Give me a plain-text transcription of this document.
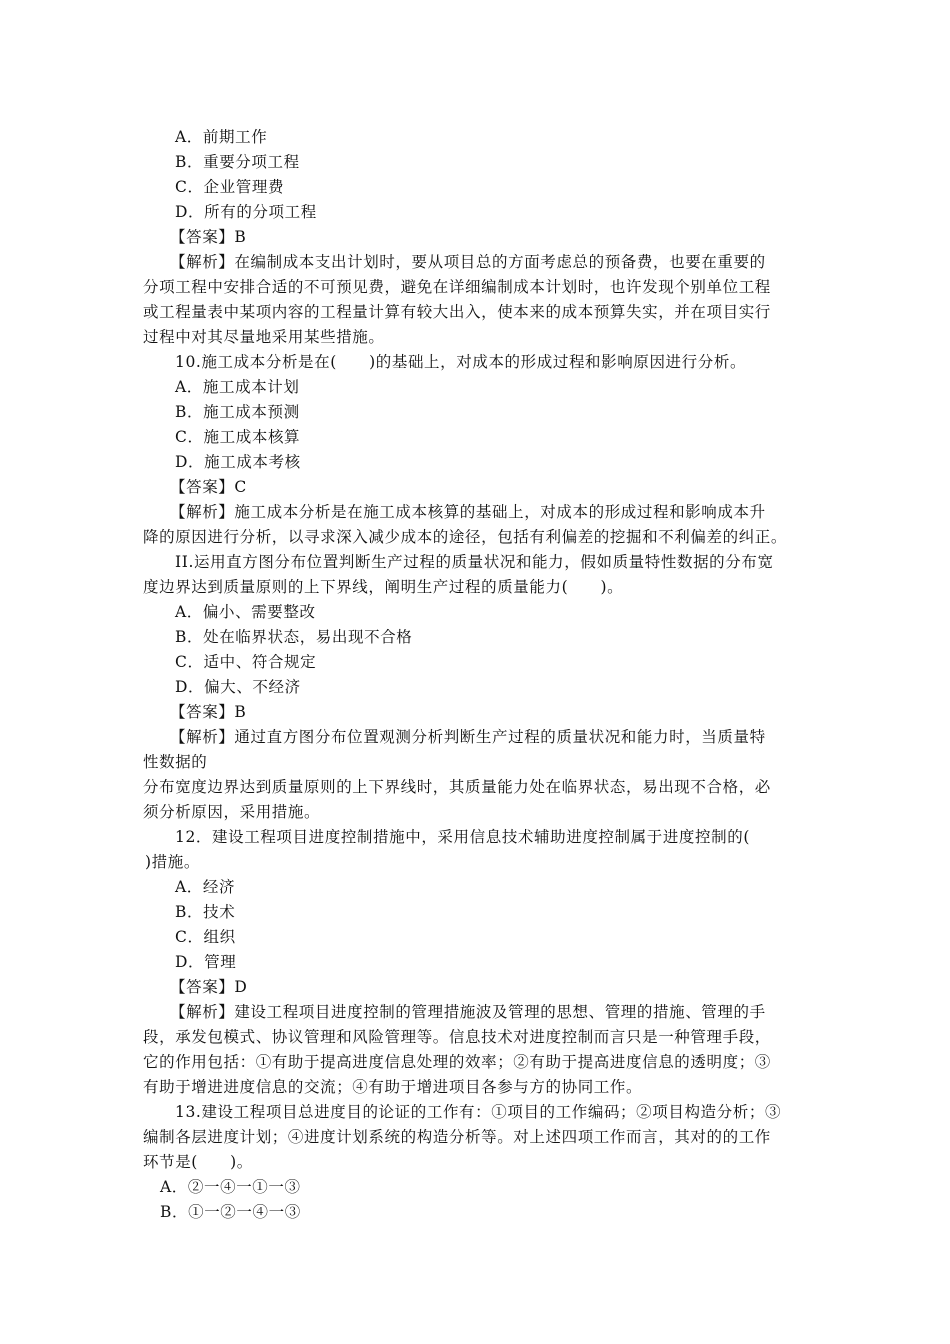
A．前期工作
B．重要分项工程
C．企业管理费
D．所有的分项工程
【答案】B
【解析】在编制成本支出计划时，要从项目总的方面考虑总的预备费，也要在重要的
分项工程中安排合适的不可预见费，避免在详细编制成本计划时，也许发现个别单位工程
或工程量表中某项内容的工程量计算有较大出入，使本来的成本预算失实，并在项目实行
过程中对其尽量地采用某些措施。
10.施工成本分析是在(　　)的基础上，对成本的形成过程和影响原因进行分析。
A．施工成本计划
B．施工成本预测
C．施工成本核算
D．施工成本考核
【答案】C
【解析】施工成本分析是在施工成本核算的基础上，对成本的形成过程和影响成本升
降的原因进行分析，以寻求深入减少成本的途径，包括有利偏差的挖掘和不利偏差的纠正。
II.运用直方图分布位置判断生产过程的质量状况和能力，假如质量特性数据的分布宽
度边界达到质量原则的上下界线，阐明生产过程的质量能力(　　)。
A．偏小、需要整改
B．处在临界状态，易出现不合格
C．适中、符合规定
D．偏大、不经济
【答案】B
【解析】通过直方图分布位置观测分析判断生产过程的质量状况和能力时，当质量特
性数据的
分布宽度边界达到质量原则的上下界线时，其质量能力处在临界状态，易出现不合格，必
须分析原因，采用措施。
12．建设工程项目进度控制措施中，采用信息技术辅助进度控制属于进度控制的(
)措施。
A．经济
B．技术
C．组织
D．管理
【答案】D
【解析】建设工程项目进度控制的管理措施波及管理的思想、管理的措施、管理的手
段，承发包模式、协议管理和风险管理等。信息技术对进度控制而言只是一种管理手段，
它的作用包括：①有助于提高进度信息处理的效率；②有助于提高进度信息的透明度；③
有助于增进进度信息的交流；④有助于增进项目各参与方的协同工作。
13.建设工程项目总进度目的论证的工作有：①项目的工作编码；②项目构造分析；③
编制各层进度计划；④进度计划系统的构造分析等。对上述四项工作而言，其对的的工作
环节是(　　)。
A．②一④一①一③
B．①一②一④一③
